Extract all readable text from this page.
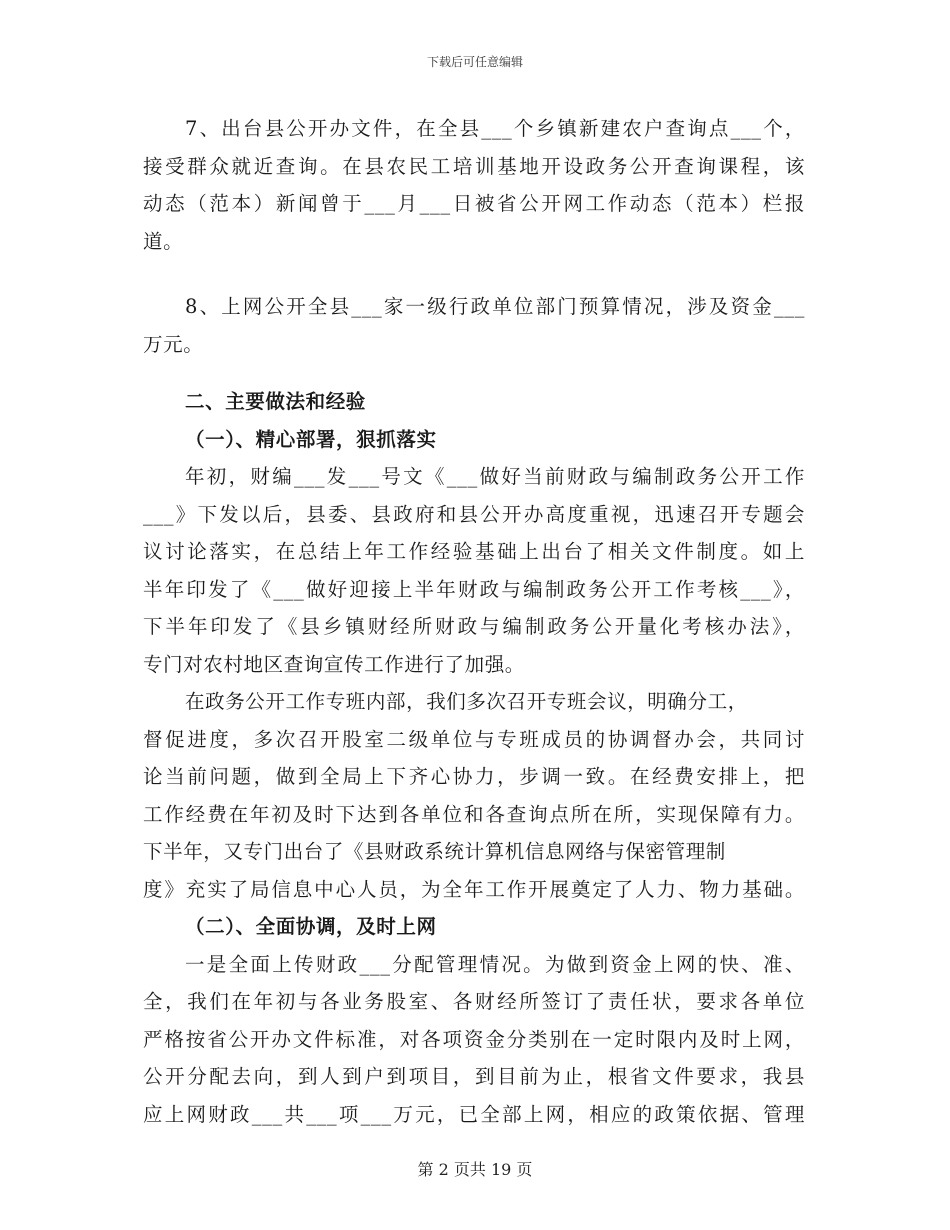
下载后可任意编辑
7、出台县公开办文件，在全县___个乡镇新建农户查询点___个，
接受群众就近查询。在县农民工培训基地开设政务公开查询课程，该
动态（范本）新闻曾于___月___日被省公开网工作动态（范本）栏报
道。
8、上网公开全县___家一级行政单位部门预算情况，涉及资金___
万元。
二、主要做法和经验
（一）、精心部署，狠抓落实
年初，财编___发___号文《___做好当前财政与编制政务公开工作
___》下发以后，县委、县政府和县公开办高度重视，迅速召开专题会
议讨论落实，在总结上年工作经验基础上出台了相关文件制度。如上
半年印发了《___做好迎接上半年财政与编制政务公开工作考核___》，
下半年印发了《县乡镇财经所财政与编制政务公开量化考核办法》，
专门对农村地区查询宣传工作进行了加强。
在政务公开工作专班内部，我们多次召开专班会议，明确分工，
督促进度，多次召开股室二级单位与专班成员的协调督办会，共同讨
论当前问题，做到全局上下齐心协力，步调一致。在经费安排上，把
工作经费在年初及时下达到各单位和各查询点所在所，实现保障有力。
下半年，又专门出台了《县财政系统计算机信息网络与保密管理制
度》充实了局信息中心人员，为全年工作开展奠定了人力、物力基础。
（二）、全面协调，及时上网
一是全面上传财政___分配管理情况。为做到资金上网的快、准、
全，我们在年初与各业务股室、各财经所签订了责任状，要求各单位
严格按省公开办文件标准，对各项资金分类别在一定时限内及时上网，
公开分配去向，到人到户到项目，到目前为止，根省文件要求，我县
应上网财政___共___项___万元，已全部上网，相应的政策依据、管理
第 2 页共 19 页
